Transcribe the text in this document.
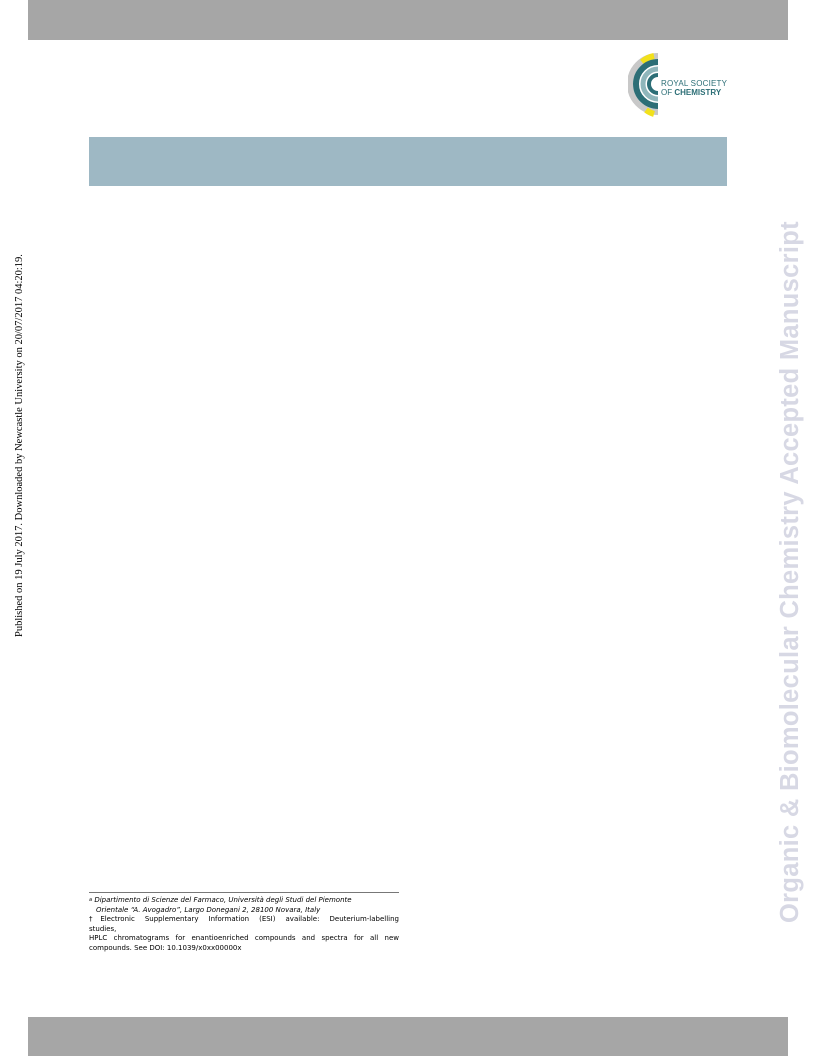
ROYAL SOCIETY
OF CHEMISTRY
Published on 19 July 2017. Downloaded by Newcastle University on 20/07/2017 04:20:19.	Organic & Biomolecular Chemistry Accepted Manuscript
$^a$ Dipartimento di Scienze del Farmaco, Università degli Studi del Piemonte
Orientale “A. Avogadro”, Largo Donegani 2, 28100 Novara, Italy
†Electronic Supplementary Information (ESI) available: Deuterium-labelling
studies,
HPLC chromatograms for enantioenriched compounds and spectra for all new
compounds. See DOI: 10.1039/x0xx00000x
